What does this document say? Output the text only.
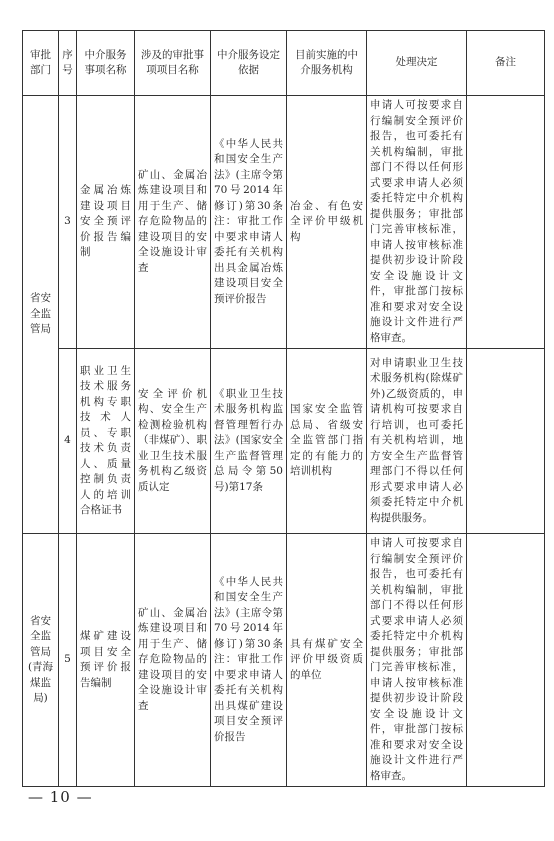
审批部门	序号	中介服务事项名称	涉及的审批事项项目名称	中介服务设定依据	目前实施的中介服务机构	处理决定	备注
省安全监管局	3	金属冶炼建设项目安全预评价报告编制	矿山、金属冶炼建设项目和用于生产、储存危险物品的建设项目的安全设施设计审查	《中华人民共和国安全生产法》(主席令第70号2014年修订)第30条注：审批工作中要求申请人委托有关机构出具金属冶炼建设项目安全预评价报告	冶金、有色安全评价甲级机构	申请人可按要求自行编制安全预评价报告，也可委托有关机构编制，审批部门不得以任何形式要求申请人必须委托特定中介机构提供服务；审批部门完善审核标准，申请人按审核标准提供初步设计阶段安全设施设计文件，审批部门按标准和要求对安全设施设计文件进行严格审查。	
	4	职业卫生技术服务机构专职技术人员、专职技术负责人、质量控制负责人的培训合格证书	安全评价机构、安全生产检测检验机构（非煤矿）、职业卫生技术服务机构乙级资质认定	《职业卫生技术服务机构监督管理暂行办法》(国家安全生产监督管理总局令第50号)第17条	国家安全监管总局、省级安全监管部门指定的有能力的培训机构	对申请职业卫生技术服务机构(除煤矿外)乙级资质的，申请机构可按要求自行培训，也可委托有关机构培训，地方安全生产监督管理部门不得以任何形式要求申请人必须委托特定中介机构提供服务。	
省安全监管局(青海煤监局)	5	煤矿建设项目安全预评价报告编制	矿山、金属冶炼建设项目和用于生产、储存危险物品的建设项目的安全设施设计审查	《中华人民共和国安全生产法》(主席令第70号2014年修订)第30条注：审批工作中要求申请人委托有关机构出具煤矿建设项目安全预评价报告	具有煤矿安全评价甲级资质的单位	申请人可按要求自行编制安全预评价报告，也可委托有关机构编制，审批部门不得以任何形式要求申请人必须委托特定中介机构提供服务；审批部门完善审核标准，申请人按审核标准提供初步设计阶段安全设施设计文件，审批部门按标准和要求对安全设施设计文件进行严格审查。	
— 10 —
